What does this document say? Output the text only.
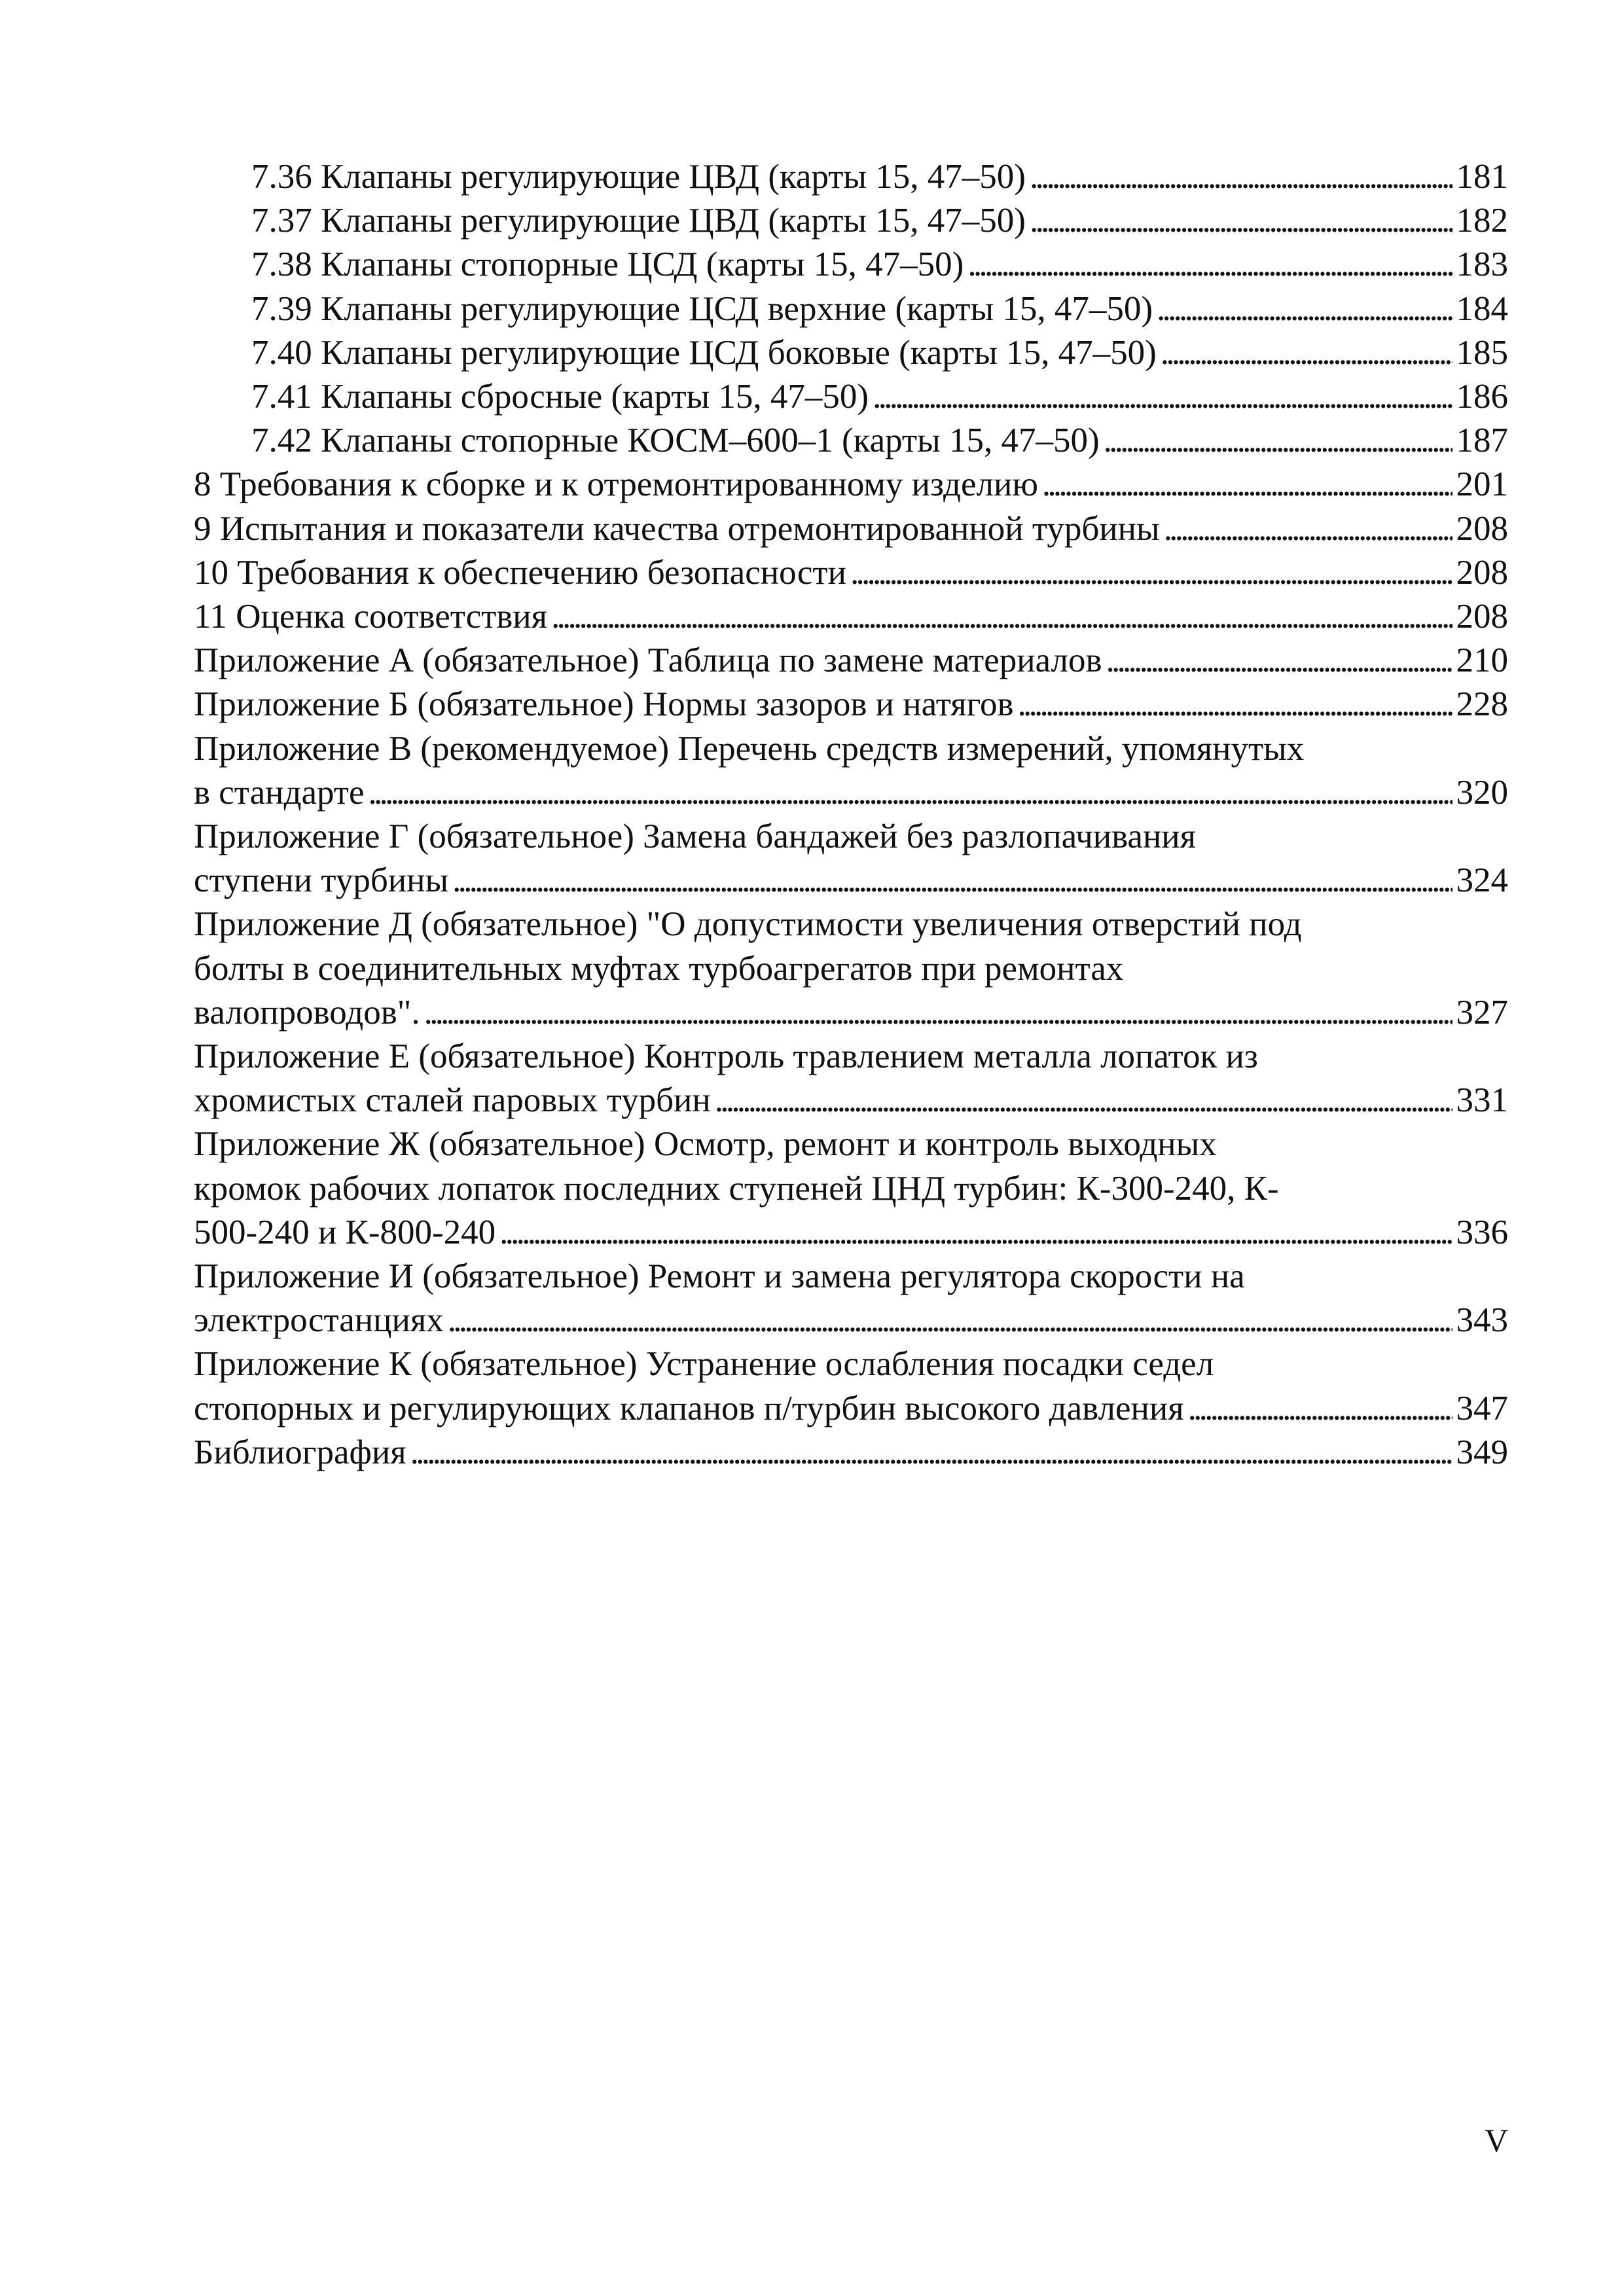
7.36 Клапаны регулирующие ЦВД (карты 15, 47–50) . . .	181
7.37 Клапаны регулирующие ЦВД (карты 15, 47–50) . . .	182
7.38 Клапаны стопорные ЦСД (карты 15, 47–50) . . .	183
7.39 Клапаны регулирующие ЦСД верхние (карты 15, 47–50) . . .	184
7.40 Клапаны регулирующие ЦСД боковые (карты 15, 47–50) . . .	185
7.41 Клапаны сбросные (карты 15, 47–50) . . .	186
7.42 Клапаны стопорные КОСМ–600–1 (карты 15, 47–50) . . .	187
8 Требования к сборке и к отремонтированному изделию . . .	201
9 Испытания и показатели качества отремонтированной турбины . . .	208
10 Требования к обеспечению безопасности . . .	208
11 Оценка соответствия . . .	208
Приложение А (обязательное) Таблица по замене материалов . . .	210
Приложение Б (обязательное) Нормы зазоров и натягов . . .	228
Приложение В (рекомендуемое) Перечень средств измерений, упомянутых
в стандарте . . .	320
Приложение Г (обязательное) Замена бандажей без разлопачивания
ступени турбины . . .	324
Приложение Д (обязательное) "О допустимости увеличения отверстий под
болты в соединительных муфтах турбоагрегатов при ремонтах
валопроводов". . . .	327
Приложение Е (обязательное) Контроль травлением металла лопаток из
хромистых сталей паровых турбин . . .	331
Приложение Ж (обязательное) Осмотр, ремонт и контроль выходных
кромок рабочих лопаток последних ступеней ЦНД турбин: К-300-240, К-
500-240 и К-800-240 . . .	336
Приложение И (обязательное) Ремонт и замена регулятора скорости на
электростанциях . . .	343
Приложение К (обязательное) Устранение ослабления посадки седел
стопорных и регулирующих клапанов п/турбин высокого давления . . .	347
Библиография . . .	349
V
